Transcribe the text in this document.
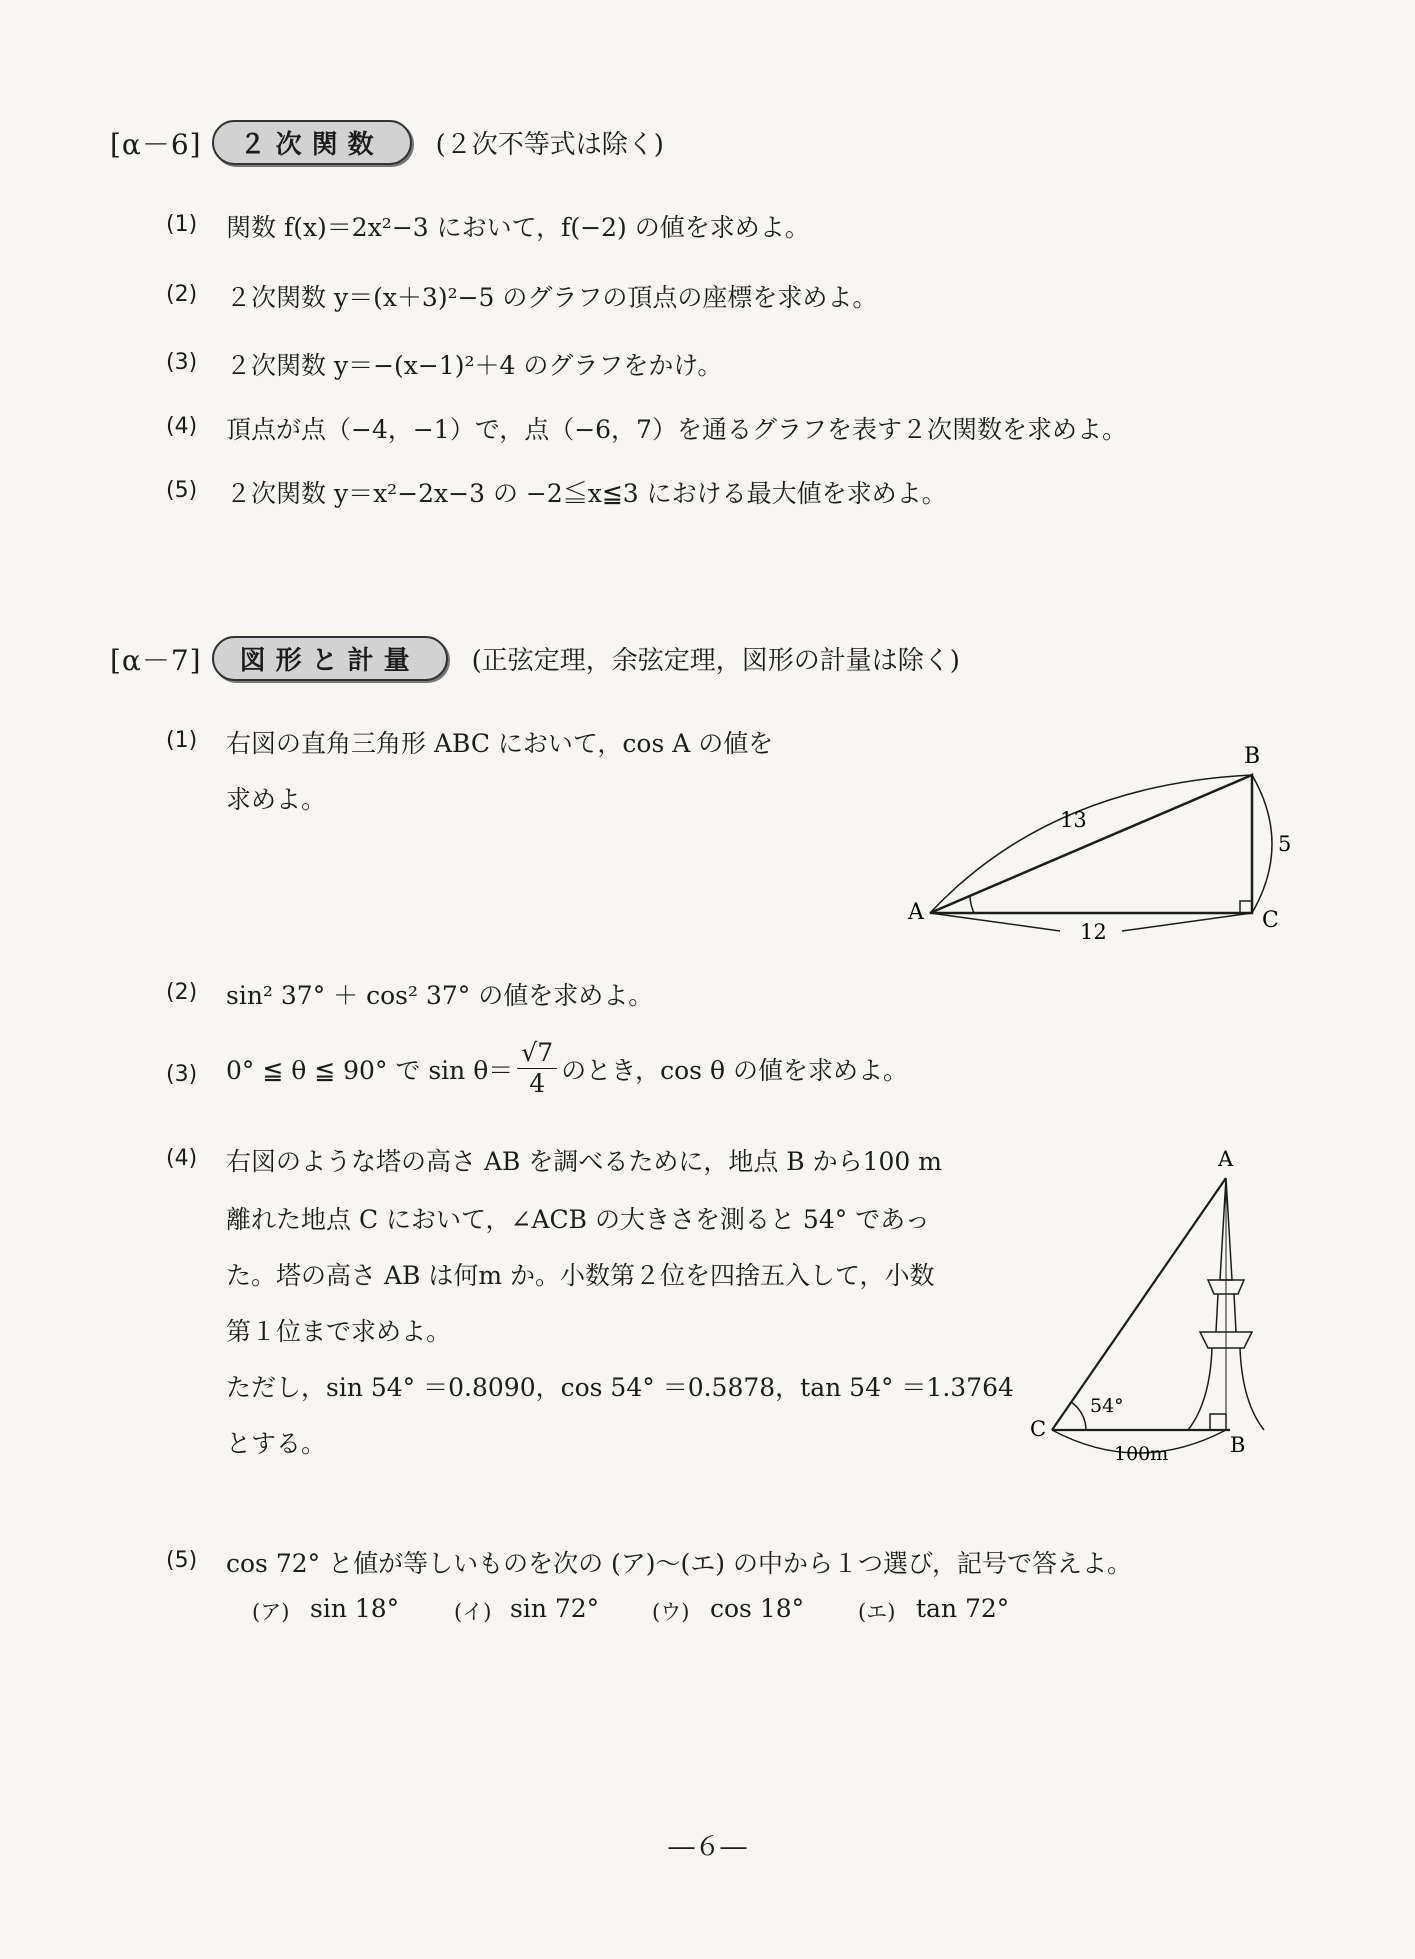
[α－6]	２次関数	(２次不等式は除く)
(1) 関数 f(x)＝2x²−3 において，f(−2) の値を求めよ。
(2) ２次関数 y＝(x＋3)²−5 のグラフの頂点の座標を求めよ。
(3) ２次関数 y＝−(x−1)²＋4 のグラフをかけ。
(4) 頂点が点（−4，−1）で，点（−6，7）を通るグラフを表す２次関数を求めよ。
(5) ２次関数 y＝x²−2x−3 の −2≦x≦3 における最大値を求めよ。
[α－7]	図形と計量	(正弦定理，余弦定理，図形の計量は除く)
(1) 右図の直角三角形 ABC において，cos A の値を
求めよ。
A
B
C
13
5
12
(2) sin² 37° ＋ cos² 37° の値を求めよ。
(3) 0° ≦ θ ≦ 90° で $\sin \theta= \frac{√7}{4}$ のとき，cos θ の値を求めよ。
(4) 右図のような塔の高さ AB を調べるために，地点 B から100 m
離れた地点 C において，∠ACB の大きさを測ると 54° であっ
た。塔の高さ AB は何m か。小数第２位を四捨五入して，小数
第１位まで求めよ。
ただし，sin 54° ＝0.8090，cos 54° ＝0.5878，tan 54° ＝1.3764
とする。
A
B
C
54°
100m
(5) cos 72° と値が等しいものを次の (ア)〜(エ) の中から１つ選び，記号で答えよ。
(ア) sin 18°	(イ) sin 72°	(ウ) cos 18°	(エ) tan 72°
―６―
